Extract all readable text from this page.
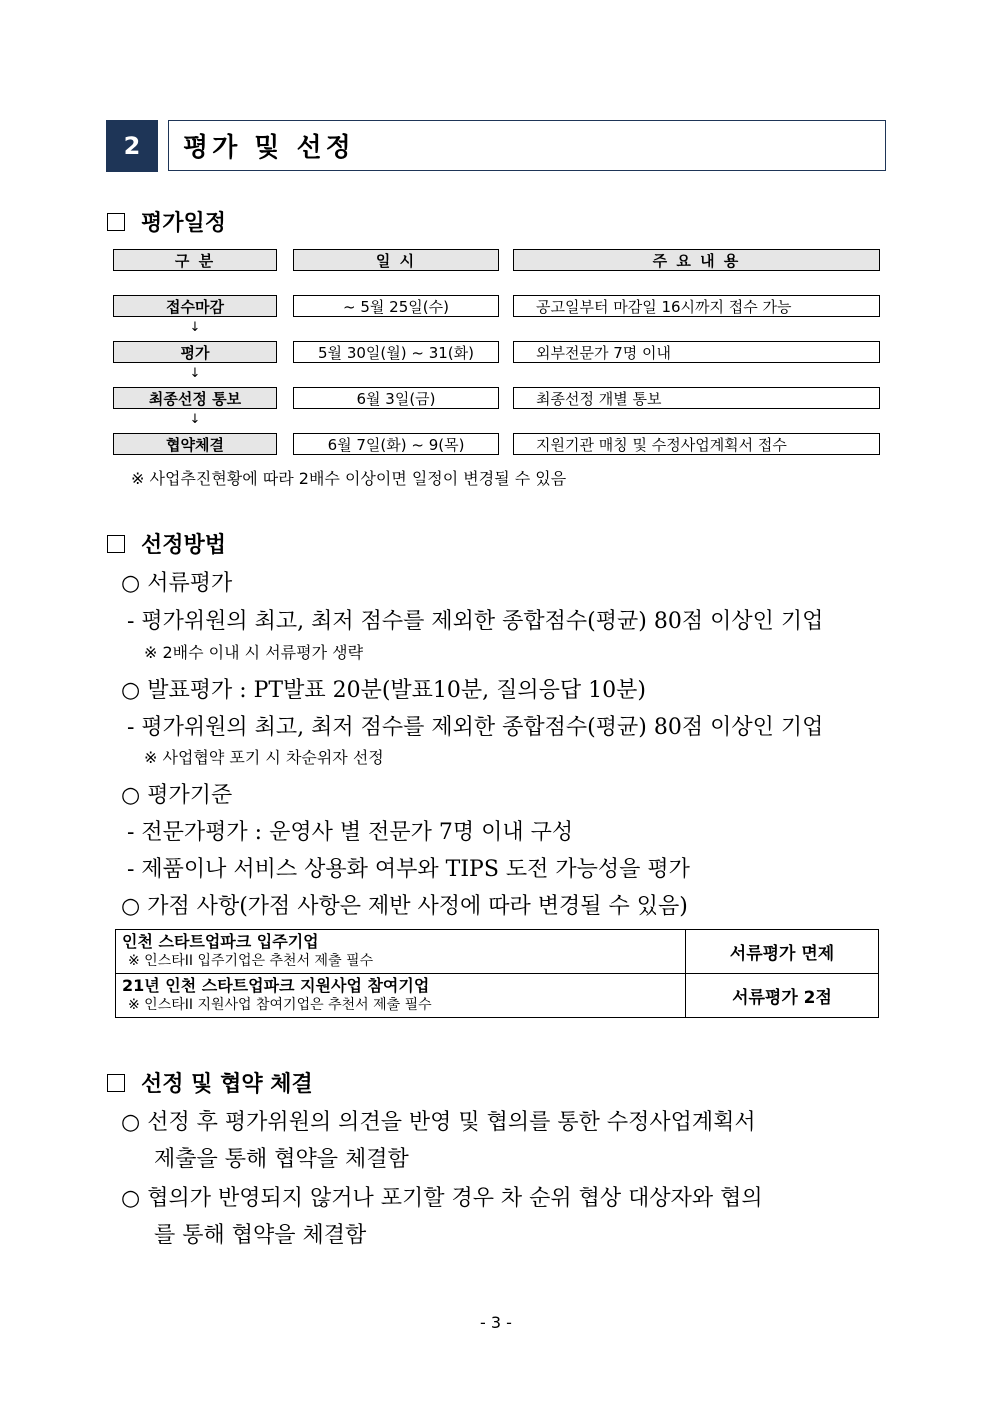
2	평가 및 선정
평가일정
구 분	일 시	주 요 내 용
접수마감	~ 5월 25일(수)	공고일부터 마감일 16시까지 접수 가능
↓
평가	5월 30일(월) ~ 31(화)	외부전문가 7명 이내
↓
최종선정 통보	6월 3일(금)	최종선정 개별 통보
↓
협약체결	6월 7일(화) ~ 9(목)	지원기관 매칭 및 수정사업계획서 접수
※ 사업추진현황에 따라 2배수 이상이면 일정이 변경될 수 있음
선정방법
○ 서류평가
- 평가위원의 최고, 최저 점수를 제외한 종합점수(평균) 80점 이상인 기업
※ 2배수 이내 시 서류평가 생략
○ 발표평가 : PT발표 20분(발표10분, 질의응답 10분)
- 평가위원의 최고, 최저 점수를 제외한 종합점수(평균) 80점 이상인 기업
※ 사업협약 포기 시 차순위자 선정
○ 평가기준
- 전문가평가 : 운영사 별 전문가 7명 이내 구성
- 제품이나 서비스 상용화 여부와 TIPS 도전 가능성을 평가
○ 가점 사항(가점 사항은 제반 사정에 따라 변경될 수 있음)
인천 스타트업파크 입주기업
※ 인스타II 입주기업은 추천서 제출 필수	서류평가 면제

21년 인천 스타트업파크 지원사업 참여기업
※ 인스타II 지원사업 참여기업은 추천서 제출 필수	서류평가 2점
선정 및 협약 체결
○ 선정 후 평가위원의 의견을 반영 및 협의를 통한 수정사업계획서
제출을 통해 협약을 체결함
○ 협의가 반영되지 않거나 포기할 경우 차 순위 협상 대상자와 협의
를 통해 협약을 체결함
- 3 -
